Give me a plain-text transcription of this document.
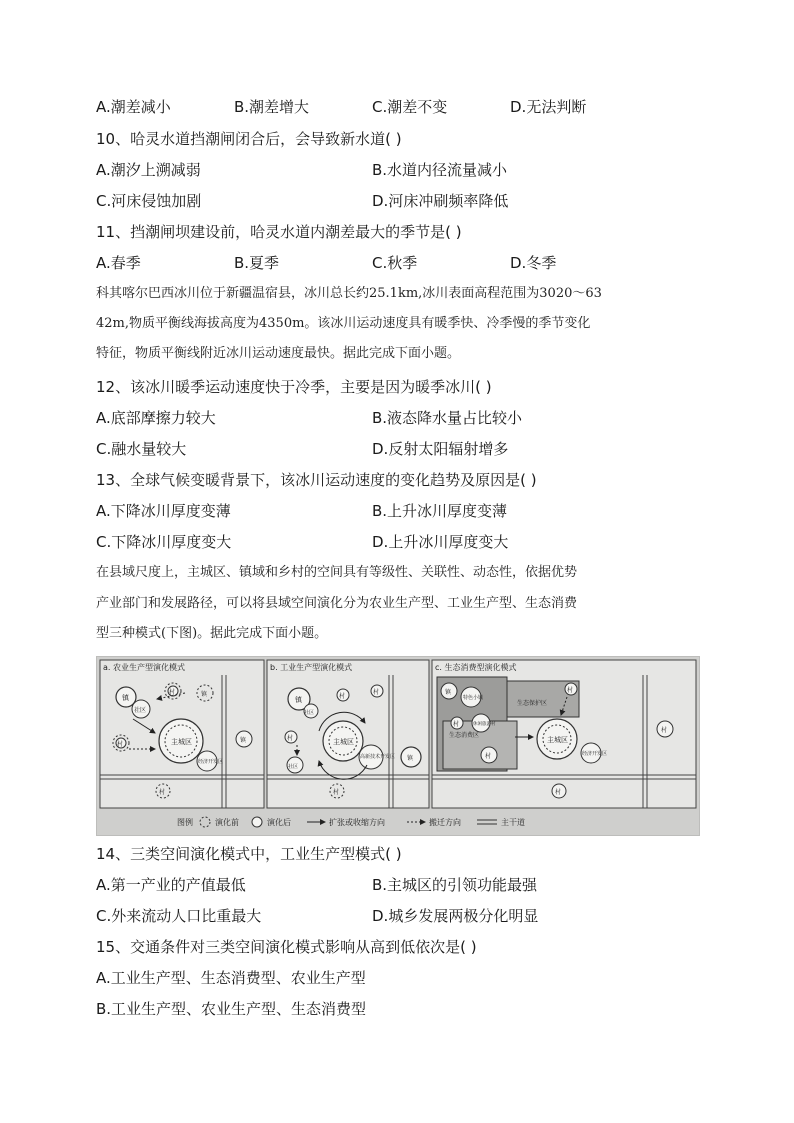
A.潮差减小	B.潮差增大	C.潮差不变	D.无法判断
10、哈灵水道挡潮闸闭合后，会导致新水道( )
A.潮汐上溯减弱	B.水道内径流量减小
C.河床侵蚀加剧	D.河床冲刷频率降低
11、挡潮闸坝建设前，哈灵水道内潮差最大的季节是( )
A.春季	B.夏季	C.秋季	D.冬季
科其喀尔巴西冰川位于新疆温宿县，冰川总长约25.1km,冰川表面高程范围为3020～63
42m,物质平衡线海拔高度为4350m。该冰川运动速度具有暖季快、冷季慢的季节变化
特征，物质平衡线附近冰川运动速度最快。据此完成下面小题。
12、该冰川暖季运动速度快于冷季，主要是因为暖季冰川( )
A.底部摩擦力较大	B.液态降水量占比较小
C.融水量较大	D.反射太阳辐射增多
13、全球气候变暖背景下，该冰川运动速度的变化趋势及原因是( )
A.下降冰川厚度变薄	B.上升冰川厚度变薄
C.下降冰川厚度变大	D.上升冰川厚度变大
在县域尺度上，主城区、镇域和乡村的空间具有等级性、关联性、动态性，依据优势
产业部门和发展路径，可以将县域空间演化分为农业生产型、工业生产型、生态消费
型三种模式(下图)。据此完成下面小题。
a. 农业生产型演化模式
镇
社区
村	镇
村
村
主城区
经济开发区
镇
b. 工业生产型演化模式
镇
社区
村
村
村
村
主城区
社区
高新技术开发区 镇
c. 生态消费型演化模式
生态保护区
生态消费区
镇
特色小镇
村
村	休闲旅游村
村
主城区
经济开发区
村
村
图例	演化前	演化后	扩张或收缩方向	搬迁方向	主干道
14、三类空间演化模式中，工业生产型模式( )
A.第一产业的产值最低	B.主城区的引领功能最强
C.外来流动人口比重最大	D.城乡发展两极分化明显
15、交通条件对三类空间演化模式影响从高到低依次是( )
A.工业生产型、生态消费型、农业生产型
B.工业生产型、农业生产型、生态消费型
